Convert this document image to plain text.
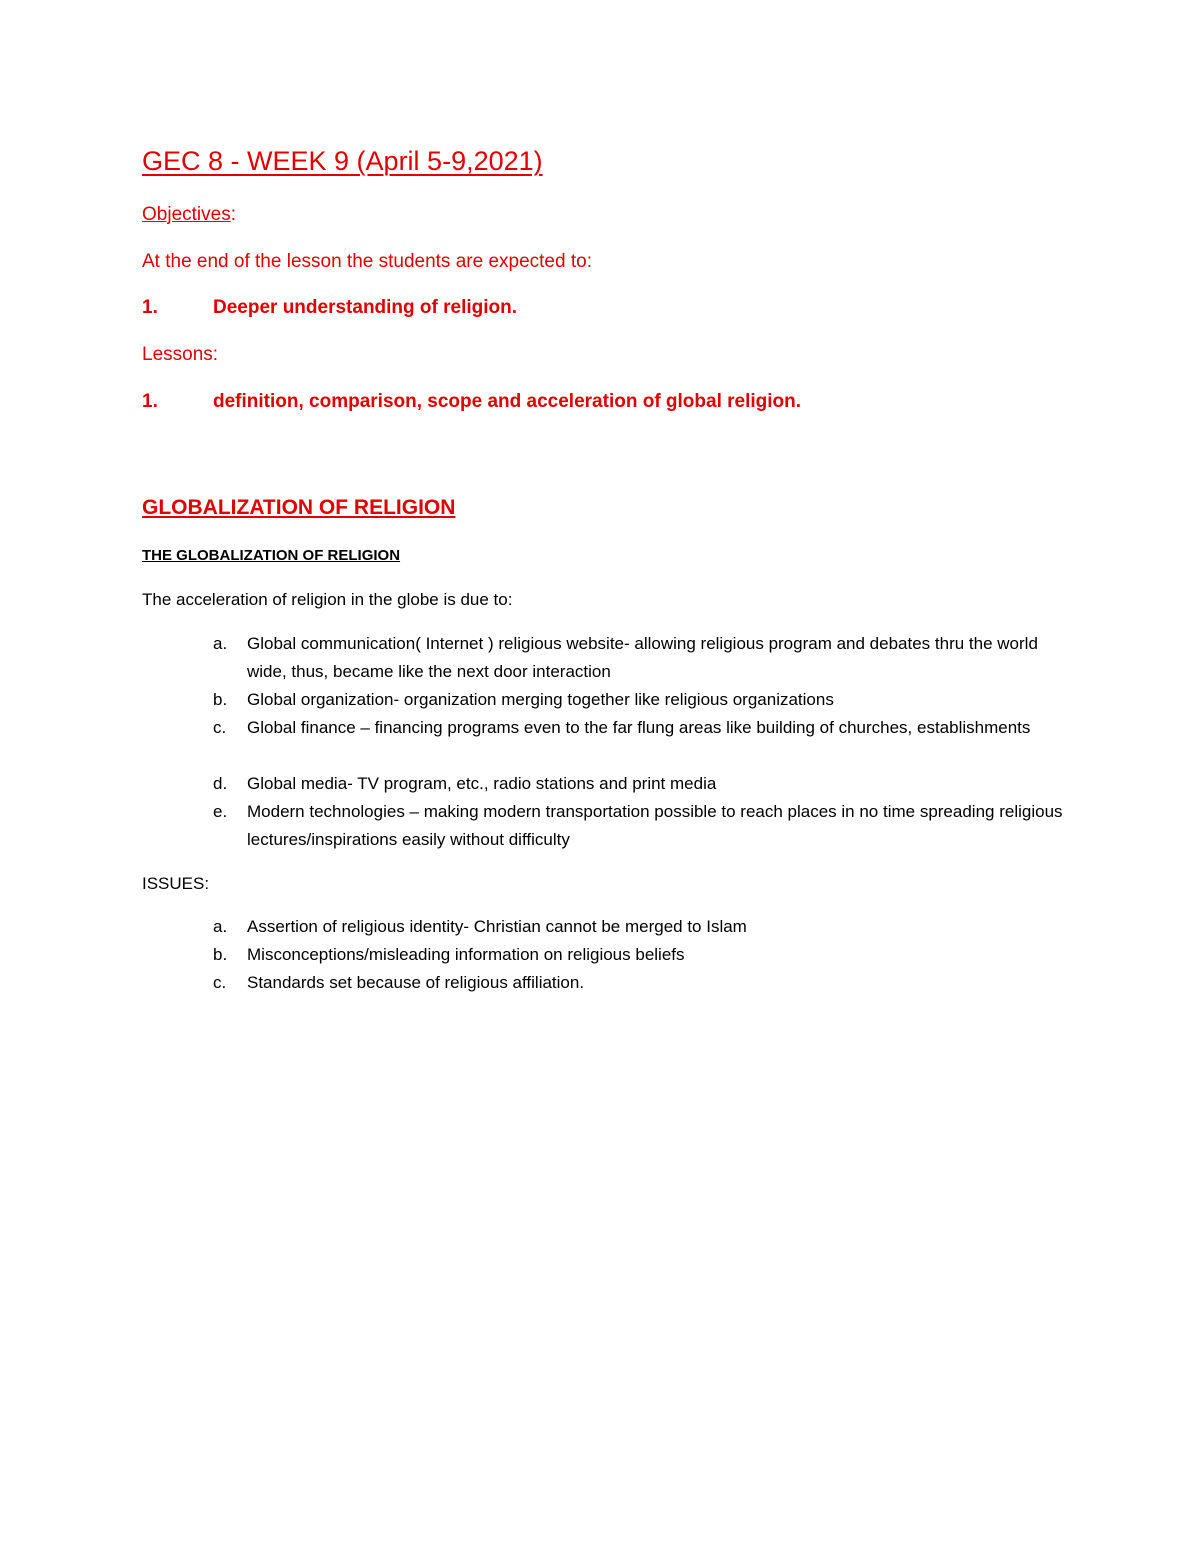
GEC 8 - WEEK 9 (April 5-9,2021)
Objectives:
At the end of the lesson the students are expected to:
1.	Deeper understanding of religion.
Lessons:
1.	definition, comparison, scope and acceleration of global religion.
GLOBALIZATION OF RELIGION
THE GLOBALIZATION OF RELIGION
The acceleration of religion in the globe is due to:
a. Global communication( Internet ) religious website- allowing religious program and debates thru the world wide, thus, became like the next door interaction
b. Global organization- organization merging together like religious organizations
c. Global finance – financing programs even to the far flung areas like building of churches, establishments
d. Global media- TV program, etc., radio stations and print media
e. Modern technologies – making modern transportation possible to reach places in no time spreading religious lectures/inspirations easily without difficulty
ISSUES:
a. Assertion of religious identity- Christian cannot be merged to Islam
b. Misconceptions/misleading information on religious beliefs
c. Standards set because of religious affiliation.
